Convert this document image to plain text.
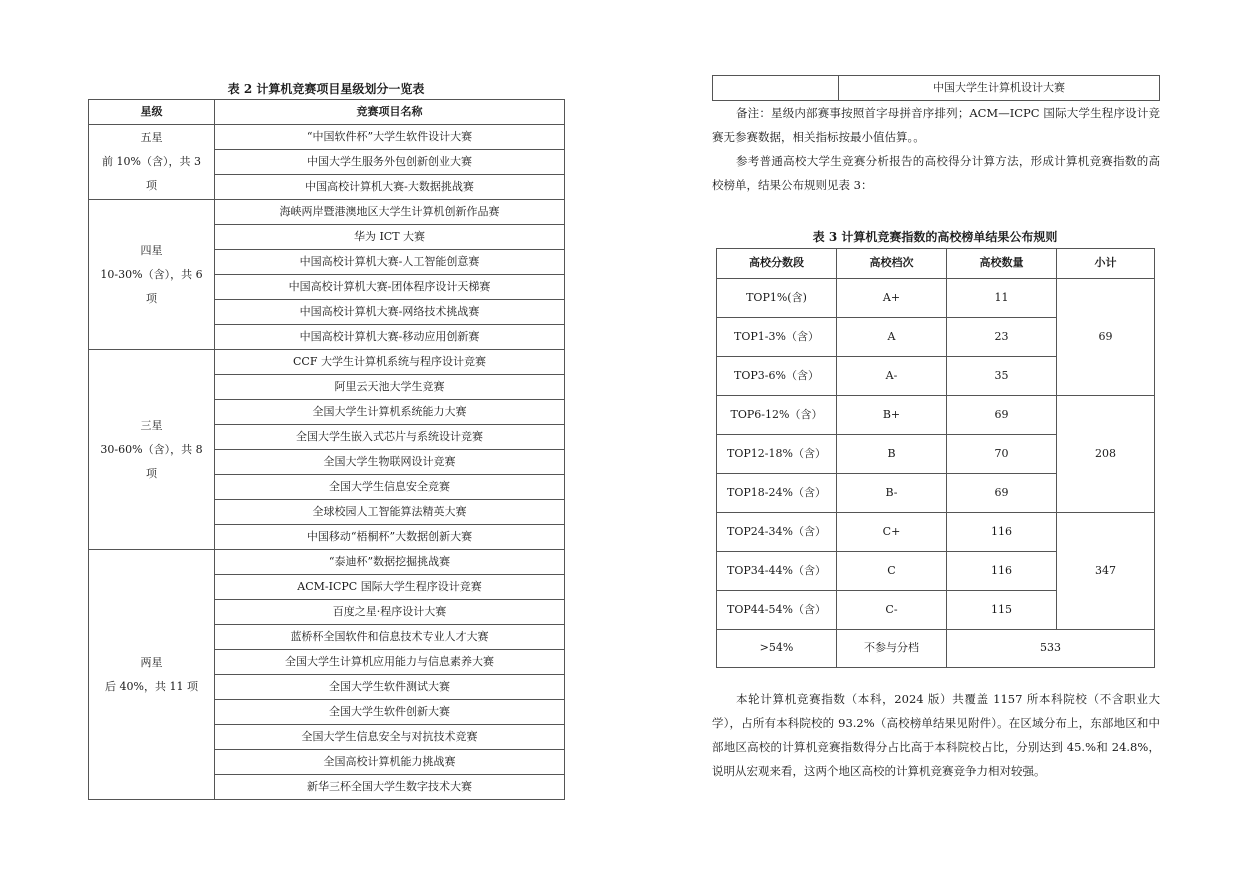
表 2 计算机竞赛项目星级划分一览表
星级	竞赛项目名称

五星
前 10%（含），共 3
项	“中国软件杯”大学生软件设计大赛
	中国大学生服务外包创新创业大赛
	中国高校计算机大赛-大数据挑战赛

四星
10-30%（含），共 6
项	海峡两岸暨港澳地区大学生计算机创新作品赛
	华为 ICT 大赛
	中国高校计算机大赛-人工智能创意赛
	中国高校计算机大赛-团体程序设计天梯赛
	中国高校计算机大赛-网络技术挑战赛
	中国高校计算机大赛-移动应用创新赛

三星
30-60%（含），共 8
项	CCF 大学生计算机系统与程序设计竞赛
	阿里云天池大学生竞赛
	全国大学生计算机系统能力大赛
	全国大学生嵌入式芯片与系统设计竞赛
	全国大学生物联网设计竞赛
	全国大学生信息安全竞赛
	全球校园人工智能算法精英大赛
	中国移动“梧桐杯”大数据创新大赛

两星
后 40%，共 11 项	“泰迪杯”数据挖掘挑战赛
	ACM-ICPC 国际大学生程序设计竞赛
	百度之星·程序设计大赛
	蓝桥杯全国软件和信息技术专业人才大赛
	全国大学生计算机应用能力与信息素养大赛
	全国大学生软件测试大赛
	全国大学生软件创新大赛
	全国大学生信息安全与对抗技术竞赛
	全国高校计算机能力挑战赛
	新华三杯全国大学生数字技术大赛
	中国大学生计算机设计大赛
备注：星级内部赛事按照首字母拼音序排列；ACM—ICPC 国际大学生程序设计竞赛无参赛数据，相关指标按最小值估算。。
参考普通高校大学生竞赛分析报告的高校得分计算方法，形成计算机竞赛指数的高校榜单，结果公布规则见表 3：
表 3 计算机竞赛指数的高校榜单结果公布规则
高校分数段	高校档次	高校数量	小计
TOP1%(含)	A+	11	69
TOP1-3%（含）	A	23	
TOP3-6%（含）	A-	35	
TOP6-12%（含）	B+	69	208
TOP12-18%（含）	B	70	
TOP18-24%（含）	B-	69	
TOP24-34%（含）	C+	116	347
TOP34-44%（含）	C	116	
TOP44-54%（含）	C-	115	
>54%	不参与分档	533	
本轮计算机竞赛指数（本科，2024 版）共覆盖 1157 所本科院校（不含职业大学），占所有本科院校的 93.2%（高校榜单结果见附件）。在区域分布上，东部地区和中部地区高校的计算机竞赛指数得分占比高于本科院校占比，分别达到 45.%和 24.8%，说明从宏观来看，这两个地区高校的计算机竞赛竞争力相对较强。
